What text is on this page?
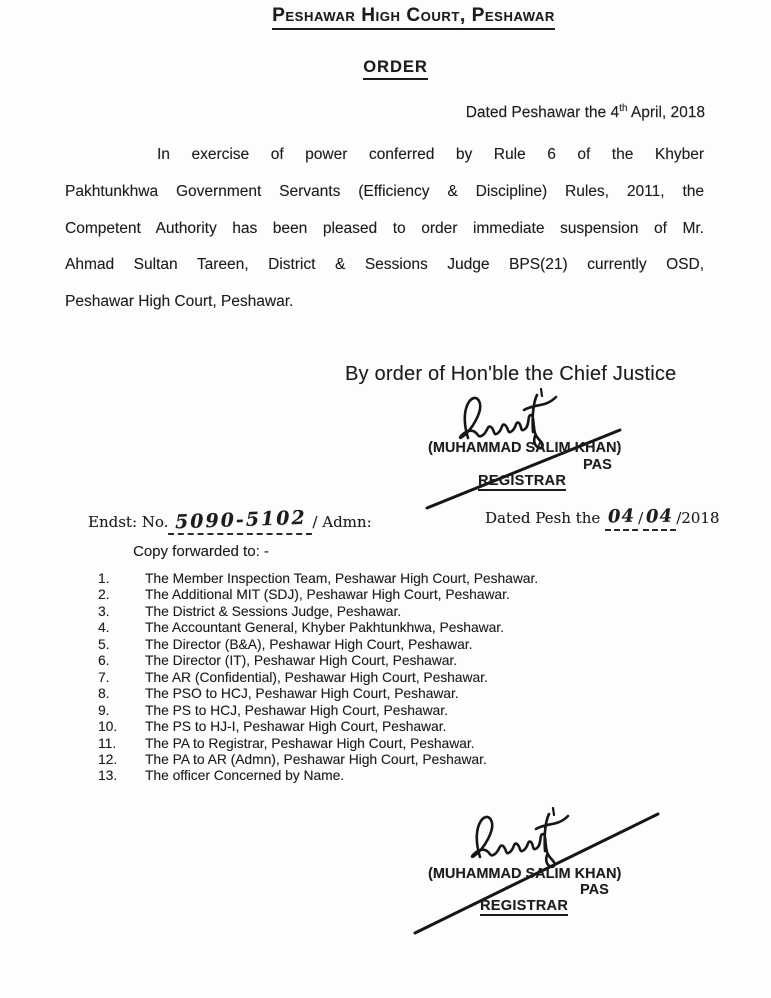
Peshawar High Court, Peshawar
ORDER
Dated Peshawar the 4th April, 2018
In exercise of power conferred by Rule 6 of the Khyber
Pakhtunkhwa Government Servants (Efficiency & Discipline) Rules, 2011, the
Competent Authority has been pleased to order immediate suspension of Mr.
Ahmad Sultan Tareen, District & Sessions Judge BPS(21) currently OSD,
Peshawar High Court, Peshawar.
By order of Hon'ble the Chief Justice
(MUHAMMAD SALIM KHAN)
PAS
REGISTRAR
Endst: No. 5090-5102 / Admn:	Dated Pesh the 04 / 04 /2018
Copy forwarded to: -
1.	The Member Inspection Team, Peshawar High Court, Peshawar.
2.	The Additional MIT (SDJ), Peshawar High Court, Peshawar.
3.	The District & Sessions Judge, Peshawar.
4.	The Accountant General, Khyber Pakhtunkhwa, Peshawar.
5.	The Director (B&A), Peshawar High Court, Peshawar.
6.	The Director (IT), Peshawar High Court, Peshawar.
7.	The AR (Confidential), Peshawar High Court, Peshawar.
8.	The PSO to HCJ, Peshawar High Court, Peshawar.
9.	The PS to HCJ, Peshawar High Court, Peshawar.
10.	The PS to HJ-I, Peshawar High Court, Peshawar.
11.	The PA to Registrar, Peshawar High Court, Peshawar.
12.	The PA to AR (Admn), Peshawar High Court, Peshawar.
13.	The officer Concerned by Name.
(MUHAMMAD SALIM KHAN)
PAS
REGISTRAR
